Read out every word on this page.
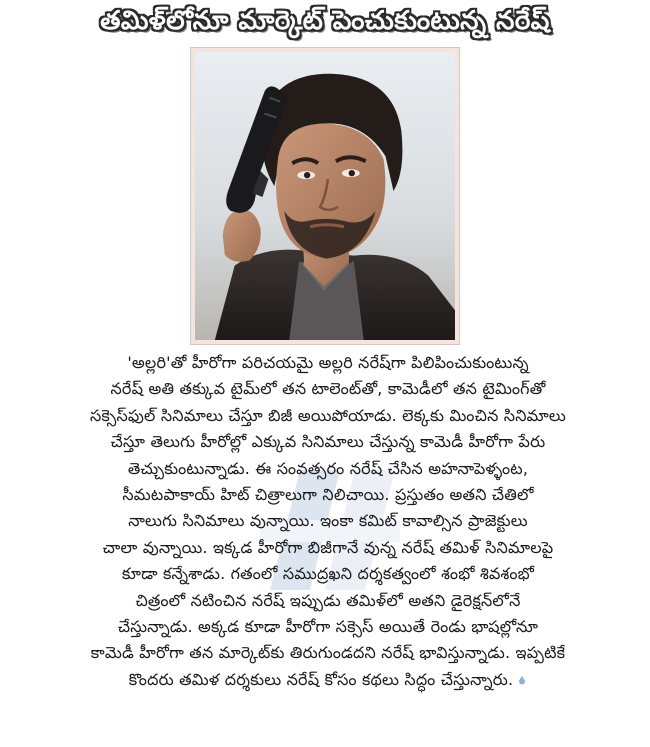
తమిళ్‌లోనూ మార్కెట్ పెంచుకుంటున్న నరేష్
'అల్లరి'తో హీరోగా పరిచయమై అల్లరి నరేష్‌గా పిలిపించుకుంటున్న
నరేష్ అతి తక్కువ టైమ్‌లో తన టాలెంట్‌తో, కామెడీలో తన టైమింగ్‌తో
సక్సెస్‌ఫుల్ సినిమాలు చేస్తూ బిజీ అయిపోయాడు. లెక్కకు మించిన సినిమాలు
చేస్తూ తెలుగు హీరోల్లో ఎక్కువ సినిమాలు చేస్తున్న కామెడీ హీరోగా పేరు
తెచ్చుకుంటున్నాడు. ఈ సంవత్సరం నరేష్ చేసిన అహనాపెళ్ళంట,
సీమటపాకాయ్ హిట్ చిత్రాలుగా నిలిచాయి. ప్రస్తుతం అతని చేతిలో
నాలుగు సినిమాలు వున్నాయి. ఇంకా కమిట్ కావాల్సిన ప్రాజెక్టులు
చాలా వున్నాయి. ఇక్కడ హీరోగా బిజీగానే వున్న నరేష్ తమిళ్ సినిమాలపై
కూడా కన్నేశాడు. గతంలో సముద్రఖని దర్శకత్వంలో శంభో శివశంభో
చిత్రంలో నటించిన నరేష్ ఇప్పుడు తమిళ్‌లో అతని డైరెక్షన్‌లోనే
చేస్తున్నాడు. అక్కడ కూడా హీరోగా సక్సెస్ అయితే రెండు భాషల్లోనూ
కామెడీ హీరోగా తన మార్కెట్‌కు తిరుగుండదని నరేష్ భావిస్తున్నాడు. ఇప్పటికే
కొందరు తమిళ దర్శకులు నరేష్ కోసం కథలు సిద్ధం చేస్తున్నారు.
